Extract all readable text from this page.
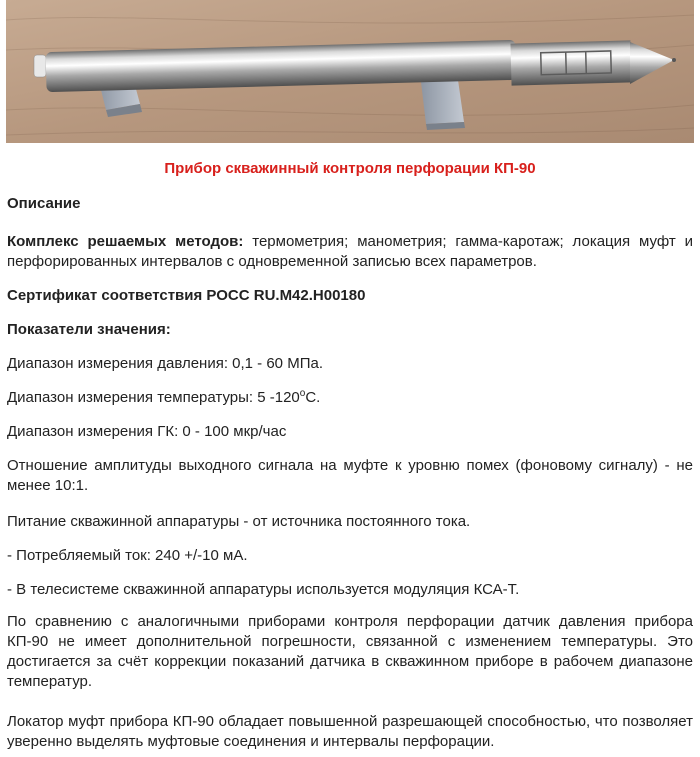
Прибор скважинный контроля перфорации КП-90

Описание

Комплекс решаемых методов: термометрия; манометрия; гамма-каротаж; локация муфт и перфорированных интервалов с одновременной записью всех параметров.

Сертификат соответствия РОСС RU.М42.Н00180

Показатели значения:

Диапазон измерения давления: 0,1 - 60 МПа.

Диапазон измерения температуры: 5 -120$^o$С.

Диапазон измерения ГК: 0 - 100 мкр/час

Отношение амплитуды выходного сигнала на муфте к уровню помех (фоновому сигналу) - не менее 10:1.

Питание скважинной аппаратуры - от источника постоянного тока.

- Потребляемый ток: 240 +/-10 мА.

- В телесистеме скважинной аппаратуры используется модуляция КСА-Т.

По сравнению с аналогичными приборами контроля перфорации датчик давления прибора КП-90 не имеет дополнительной погрешности, связанной с изменением температуры. Это достигается за счёт коррекции показаний датчика в скважинном приборе в рабочем диапазоне температур.

Локатор муфт прибора КП-90 обладает повышенной разрешающей способностью, что позволяет уверенно выделять муфтовые соединения и интервалы перфорации.
